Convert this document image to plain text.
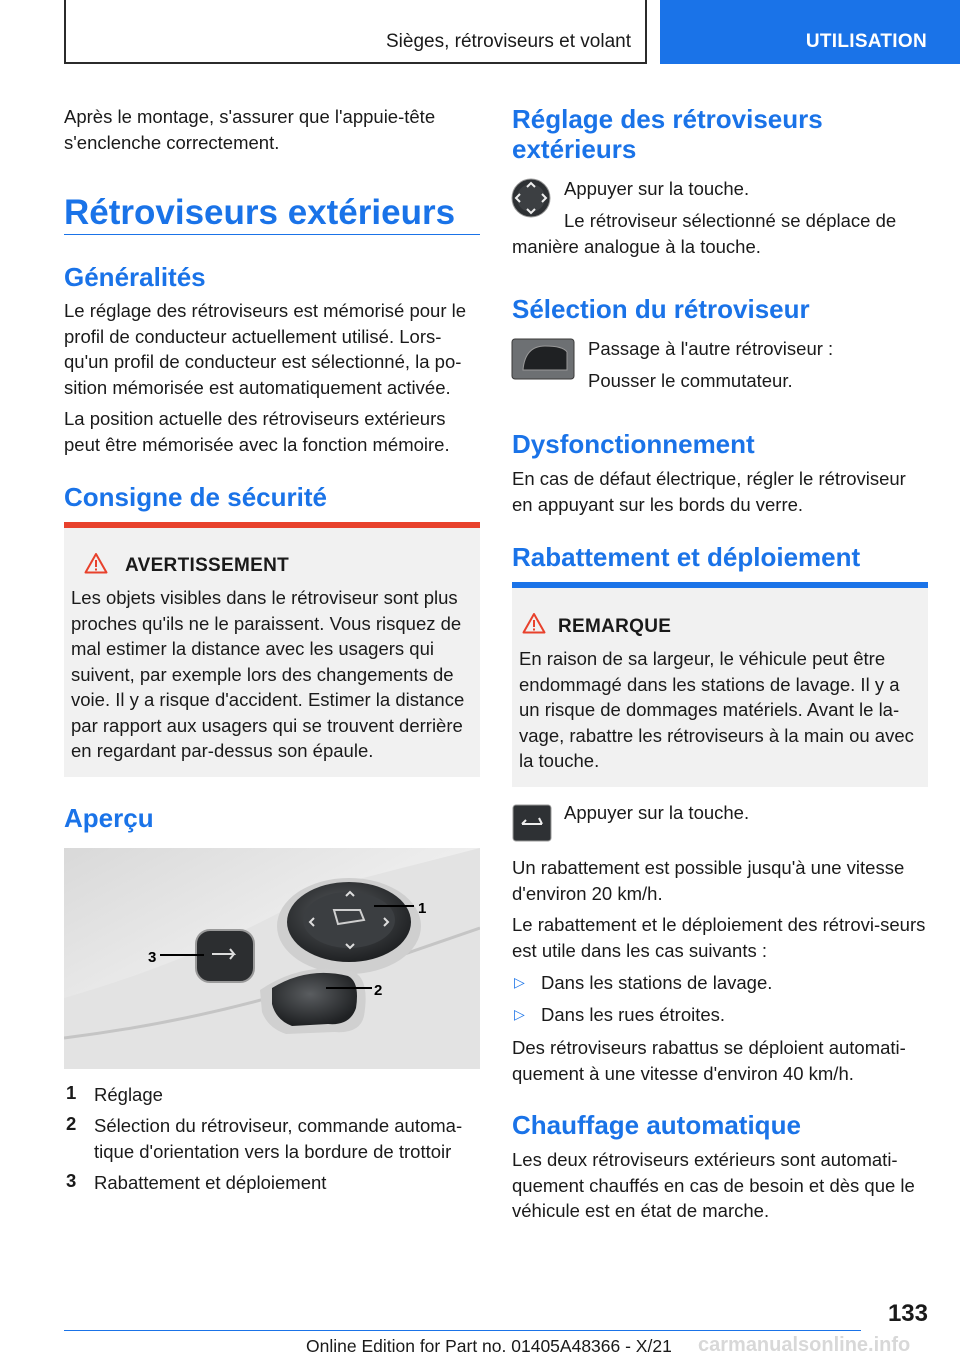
Sièges, rétroviseurs et volant	UTILISATION

Après le montage, s'assurer que l'appuie-tête s'enclenche correctement.

Rétroviseurs extérieurs
Généralités

Le réglage des rétroviseurs est mémorisé pour le profil de conducteur actuellement utilisé. Lors-qu'un profil de conducteur est sélectionné, la po-sition mémorisée est automatiquement activée.

La position actuelle des rétroviseurs extérieurs peut être mémorisée avec la fonction mémoire.

Consigne de sécurité
AVERTISSEMENT

Les objets visibles dans le rétroviseur sont plus proches qu'ils ne le paraissent. Vous risquez de mal estimer la distance avec les usagers qui suivent, par exemple lors des changements de voie. Il y a risque d'accident. Estimer la distance par rapport aux usagers qui se trouvent derrière en regardant par-dessus son épaule.

Aperçu
1
3
2
1 Réglage

2 Sélection du rétroviseur, commande automa-tique d'orientation vers la bordure de trottoir

3 Rabattement et déploiement

Réglage des rétroviseurs extérieurs

Appuyer sur la touche.

Le rétroviseur sélectionné se déplace de manière analogue à la touche.

Sélection du rétroviseur

Passage à l'autre rétroviseur :

Pousser le commutateur.

Dysfonctionnement

En cas de défaut électrique, régler le rétroviseur en appuyant sur les bords du verre.

Rabattement et déploiement
REMARQUE

En raison de sa largeur, le véhicule peut être endommagé dans les stations de lavage. Il y a un risque de dommages matériels. Avant le la-vage, rabattre les rétroviseurs à la main ou avec la touche.

Appuyer sur la touche.

Un rabattement est possible jusqu'à une vitesse d'environ 20 km/h.

Le rabattement et le déploiement des rétrovi-seurs est utile dans les cas suivants :

▷ Dans les stations de lavage.

▷ Dans les rues étroites.

Des rétroviseurs rabattus se déploient automati-quement à une vitesse d'environ 40 km/h.

Chauffage automatique

Les deux rétroviseurs extérieurs sont automati-quement chauffés en cas de besoin et dès que le véhicule est en état de marche.

133
Online Edition for Part no. 01405A48366 - X/21 carmanualsonline.info
